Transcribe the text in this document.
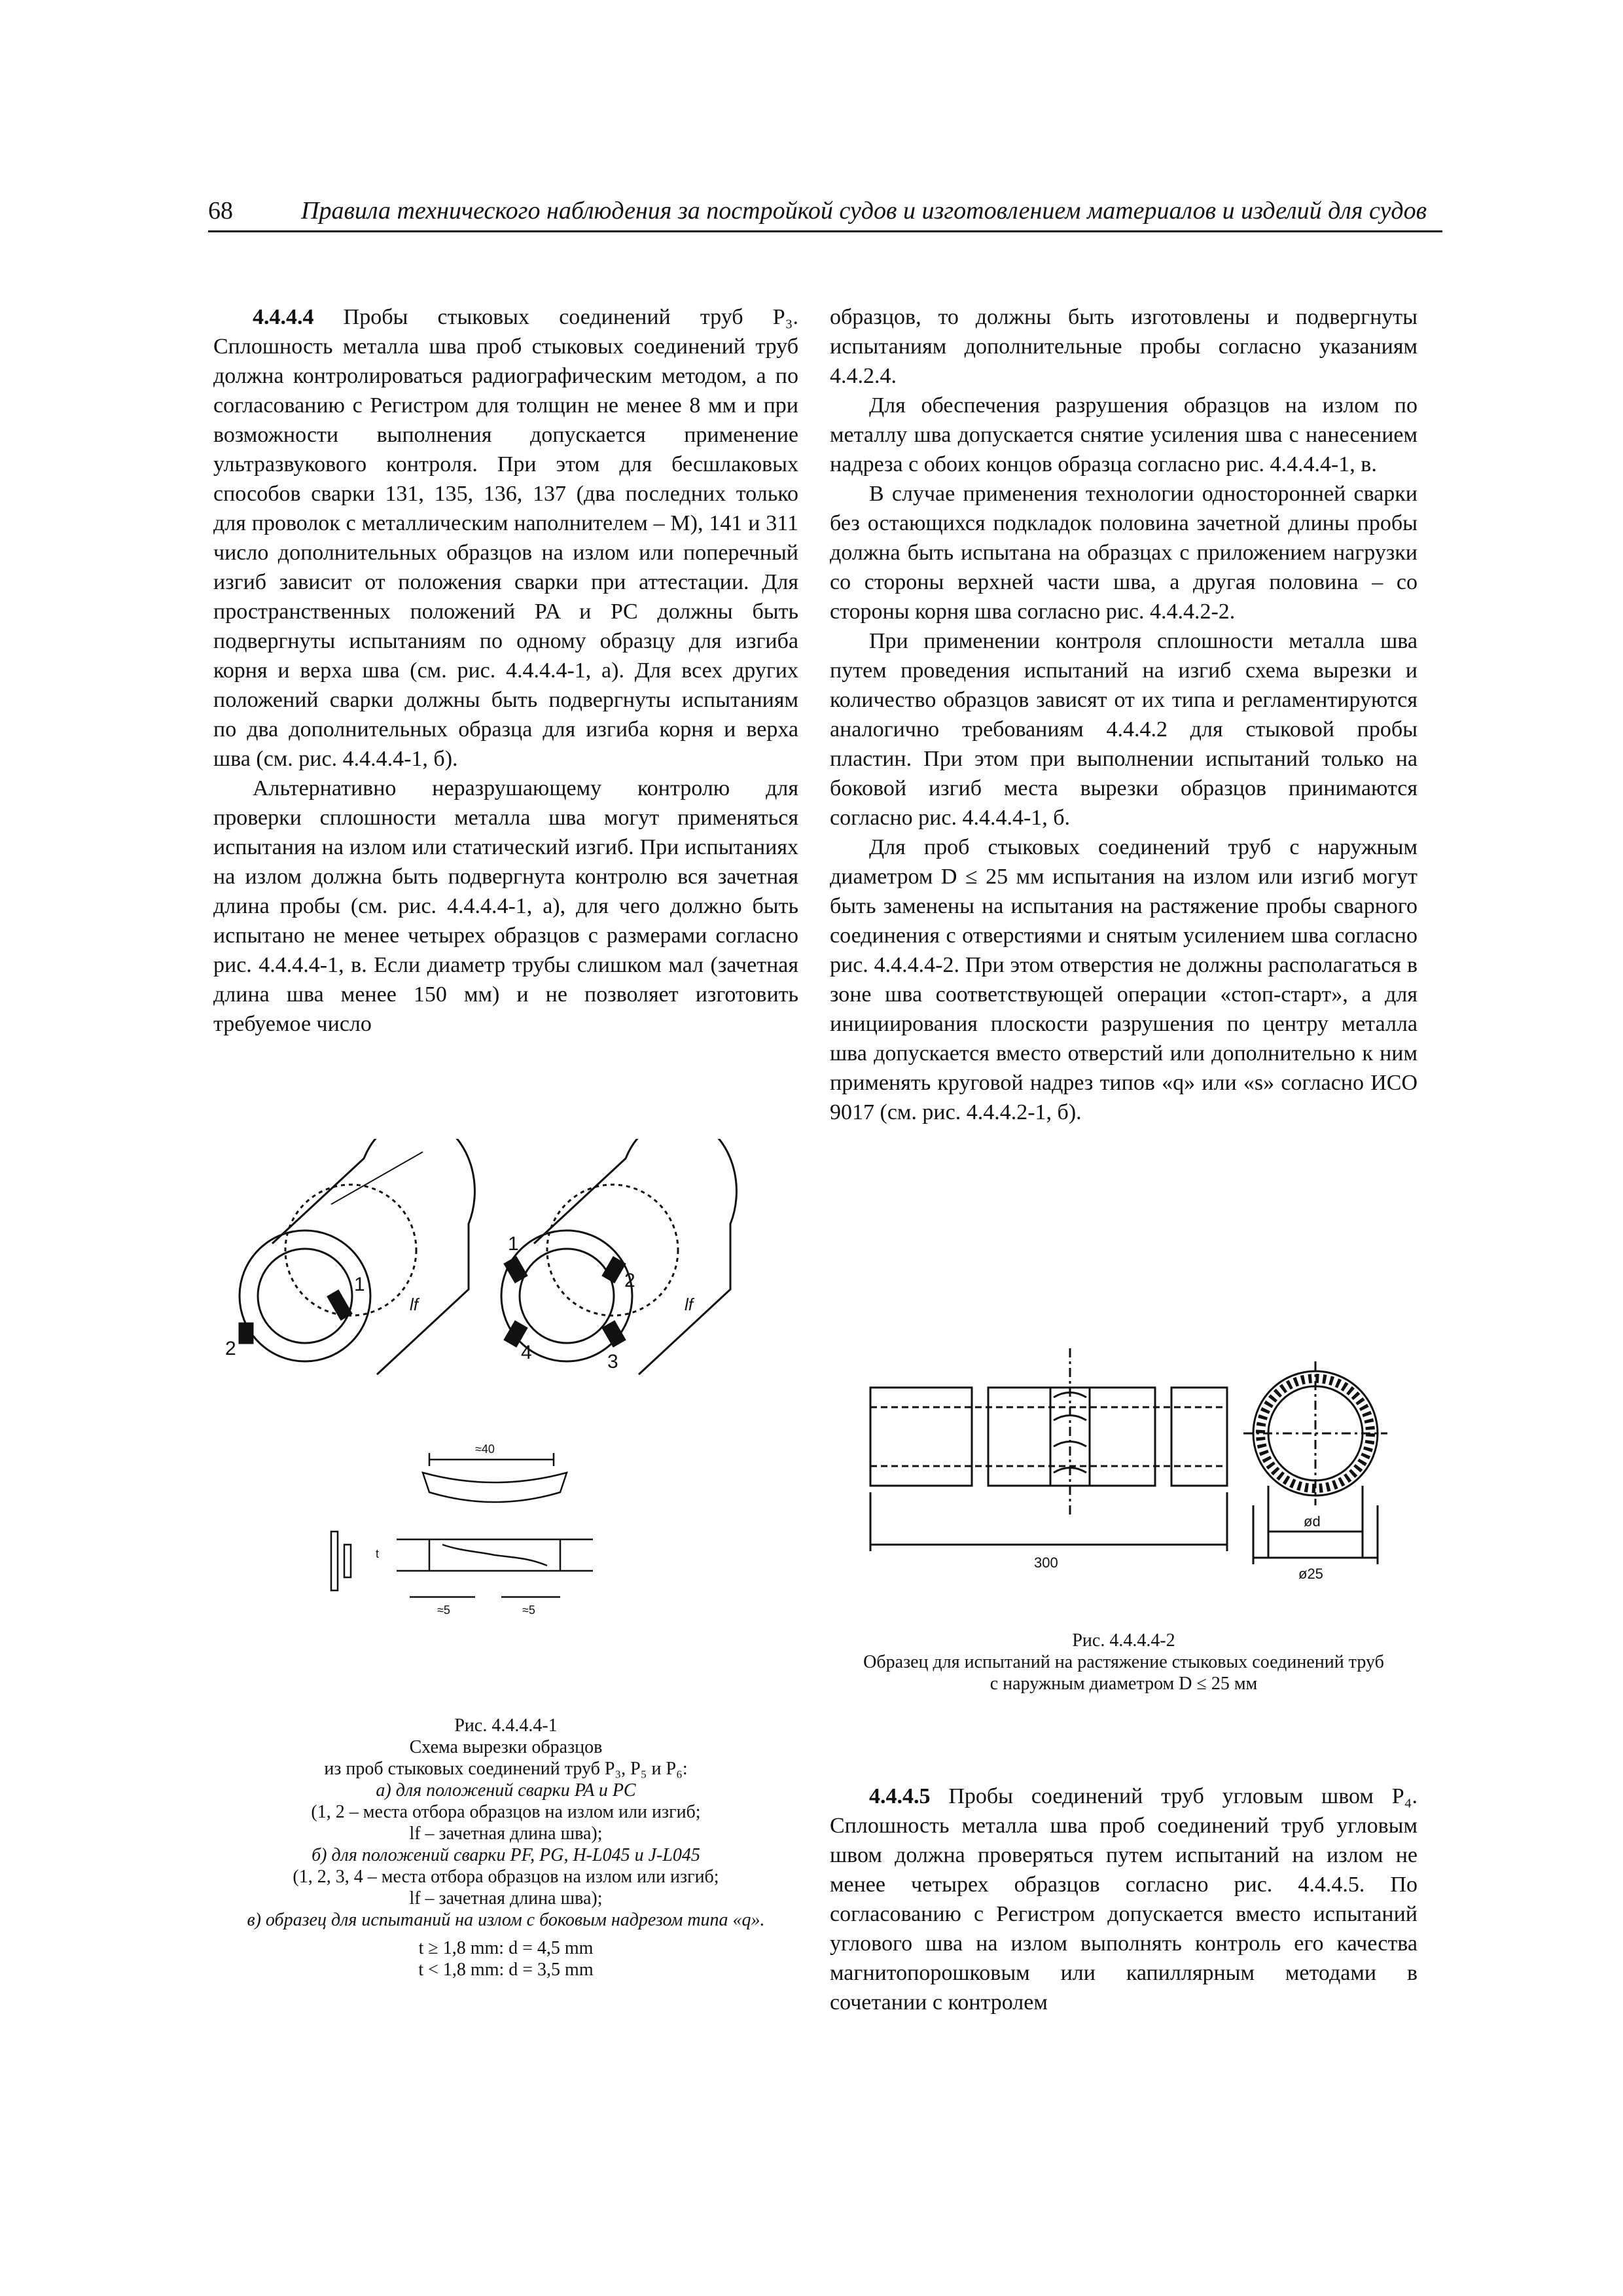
68	Правила технического наблюдения за постройкой судов и изготовлением материалов и изделий для судов

4.4.4.4 Пробы стыковых соединений труб Р₃. Сплошность металла шва проб стыковых соединений труб должна контролироваться радиографическим методом, а по согласованию с Регистром для толщин не менее 8 мм и при возможности выполнения допускается применение ультразвукового контроля. При этом для бесшлаковых способов сварки 131, 135, 136, 137 (два последних только для проволок с металлическим наполнителем – М), 141 и 311 число дополнительных образцов на излом или поперечный изгиб зависит от положения сварки при аттестации. Для пространственных положений PA и PC должны быть подвергнуты испытаниям по одному образцу для изгиба корня и верха шва (см. рис. 4.4.4.4-1, а). Для всех других положений сварки должны быть подвергнуты испытаниям по два дополнительных образца для изгиба корня и верха шва (см. рис. 4.4.4.4-1, б).

Альтернативно неразрушающему контролю для проверки сплошности металла шва могут применяться испытания на излом или статический изгиб. При испытаниях на излом должна быть подвергнута контролю вся зачетная длина пробы (см. рис. 4.4.4.4-1, а), для чего должно быть испытано не менее четырех образцов с размерами согласно рис. 4.4.4.4-1, в. Если диаметр трубы слишком мал (зачетная длина шва менее 150 мм) и не позволяет изготовить требуемое число

образцов, то должны быть изготовлены и подвергнуты испытаниям дополнительные пробы согласно указаниям 4.4.2.4.

Для обеспечения разрушения образцов на излом по металлу шва допускается снятие усиления шва с нанесением надреза с обоих концов образца согласно рис. 4.4.4.4-1, в.

В случае применения технологии односторонней сварки без остающихся подкладок половина зачетной длины пробы должна быть испытана на образцах с приложением нагрузки со стороны верхней части шва, а другая половина – со стороны корня шва согласно рис. 4.4.4.2-2.

При применении контроля сплошности металла шва путем проведения испытаний на изгиб схема вырезки и количество образцов зависят от их типа и регламентируются аналогично требованиям 4.4.4.2 для стыковой пробы пластин. При этом при выполнении испытаний только на боковой изгиб места вырезки образцов принимаются согласно рис. 4.4.4.4-1, б.

Для проб стыковых соединений труб с наружным диаметром D ≤ 25 мм испытания на излом или изгиб могут быть заменены на испытания на растяжение пробы сварного соединения с отверстиями и снятым усилением шва согласно рис. 4.4.4.4-2. При этом отверстия не должны располагаться в зоне шва соответствующей операции «стоп-старт», а для инициирования плоскости разрушения по центру металла шва допускается вместо отверстий или дополнительно к ним применять круговой надрез типов «q» или «s» согласно ИСО 9017 (см. рис. 4.4.4.2-1, б).

4.4.4.5 Пробы соединений труб угловым швом Р₄. Сплошность металла шва проб соединений труб угловым швом должна проверяться путем испытаний на излом не менее четырех образцов согласно рис. 4.4.4.5. По согласованию с Регистром допускается вместо испытаний углового шва на излом выполнять контроль его качества магнитопорошковым или капиллярным методами в сочетании с контролем

1
2
lf
1
2
3
4
lf
≈40
≈5	≈5
t
Рис. 4.4.4.4-1
Схема вырезки образцов
из проб стыковых соединений труб Р₃, Р₅ и Р₆:
а) для положений сварки PA и PC
(1, 2 – места отбора образцов на излом или изгиб;
lf – зачетная длина шва);
б) для положений сварки PF, PG, H-L045 и J-L045
(1, 2, 3, 4 – места отбора образцов на излом или изгиб;
lf – зачетная длина шва);
в) образец для испытаний на излом с боковым надрезом типа «q».
t ≥ 1,8 mm: d = 4,5 mm
t < 1,8 mm: d = 3,5 mm
300
ød
ø25
Рис. 4.4.4.4-2
Образец для испытаний на растяжение стыковых соединений труб
с наружным диаметром D ≤ 25 мм
